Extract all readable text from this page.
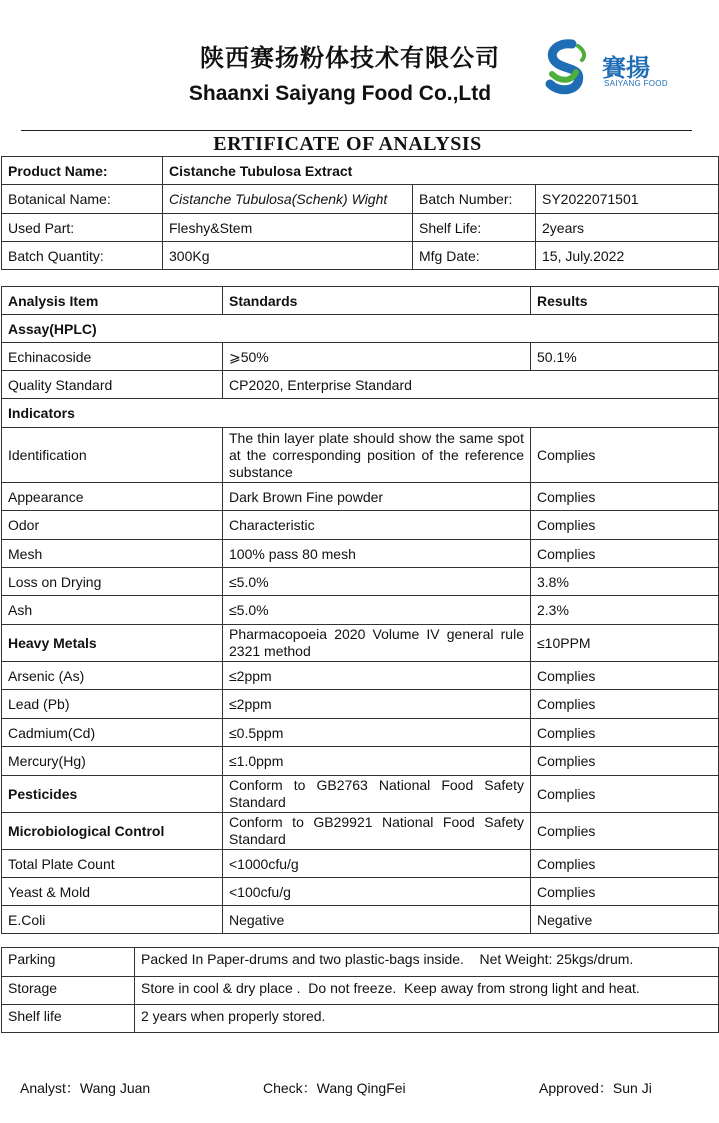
陕西赛扬粉体技术有限公司
Shaanxi Saiyang Food Co.,Ltd
賽揚
SAIYANG FOOD
ERTIFICATE OF ANALYSIS
Product Name:	Cistanche Tubulosa Extract		
Botanical Name:	Cistanche Tubulosa(Schenk) Wight	Batch Number:	SY2022071501
Used Part:	Fleshy&Stem	Shelf Life:	2years
Batch Quantity:	300Kg	Mfg Date:	15, July.2022
Analysis Item	Standards	Results
Assay(HPLC)		
Echinacoside	⩾50%	50.1%
Quality Standard	CP2020, Enterprise Standard	
Indicators		
Identification	The thin layer plate should show the same spot at the corresponding position of the reference substance	Complies
Appearance	Dark Brown Fine powder	Complies
Odor	Characteristic	Complies
Mesh	100% pass 80 mesh	Complies
Loss on Drying	≤5.0%	3.8%
Ash	≤5.0%	2.3%
Heavy Metals	Pharmacopoeia 2020 Volume IV general rule 2321 method	≤10PPM
Arsenic (As)	≤2ppm	Complies
Lead (Pb)	≤2ppm	Complies
Cadmium(Cd)	≤0.5ppm	Complies
Mercury(Hg)	≤1.0ppm	Complies
Pesticides	Conform to GB2763 National Food Safety Standard	Complies
Microbiological Control	Conform to GB29921 National Food Safety Standard	Complies
Total Plate Count	<1000cfu/g	Complies
Yeast & Mold	<100cfu/g	Complies
E.Coli	Negative	Negative
Parking	Packed In Paper-drums and two plastic-bags inside.    Net Weight: 25kgs/drum.
Storage	Store in cool & dry place .  Do not freeze.  Keep away from strong light and heat.
Shelf life	2 years when properly stored.
Analyst：Wang Juan	Check：Wang QingFei	Approved：Sun Ji
